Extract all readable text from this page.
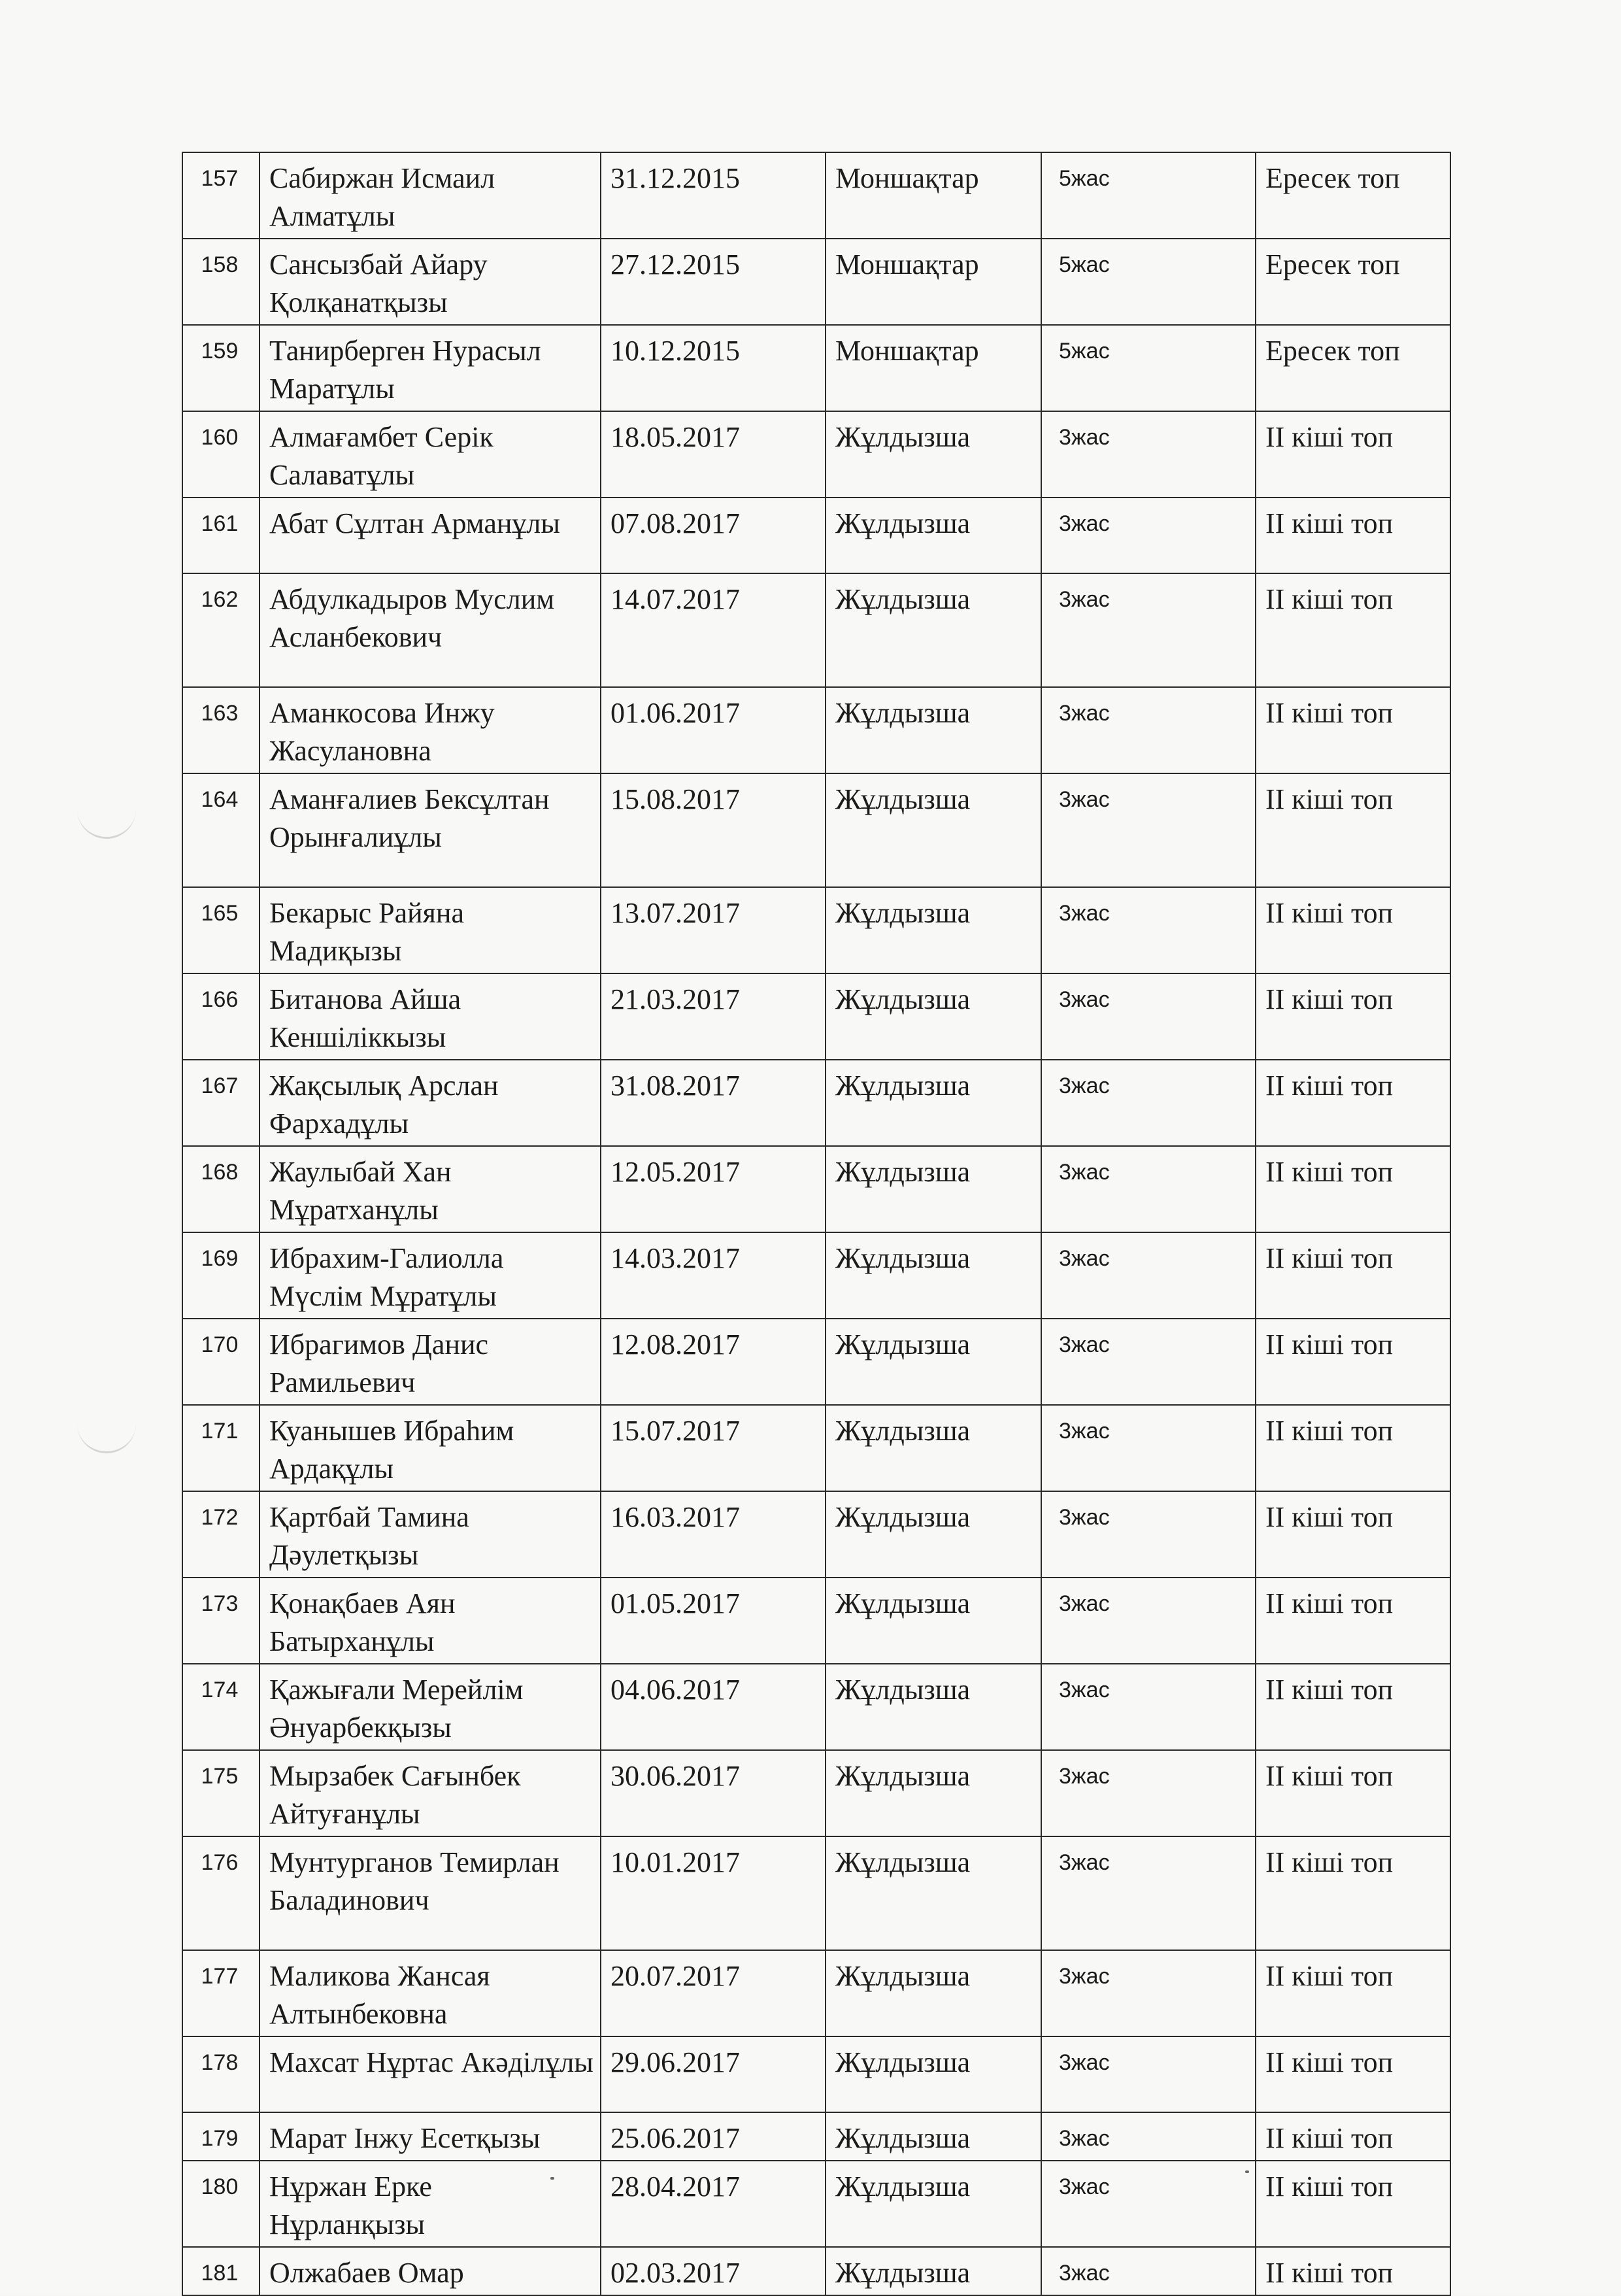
157	Сабиржан Исмаил Алматұлы	31.12.2015	Моншақтар	5жас	Ересек топ
158	Сансызбай Айару Қолқанатқызы	27.12.2015	Моншақтар	5жас	Ересек топ
159	Танирберген Нурасыл Маратұлы	10.12.2015	Моншақтар	5жас	Ересек топ
160	Алмағамбет Серік Салаватұлы	18.05.2017	Жұлдызша	3жас	ІІ кіші топ
161	Абат Сұлтан Арманұлы	07.08.2017	Жұлдызша	3жас	ІІ кіші топ
162	Абдулкадыров Муслим Асланбекович	14.07.2017	Жұлдызша	3жас	ІІ кіші топ
163	Аманкосова Инжу Жасулановна	01.06.2017	Жұлдызша	3жас	ІІ кіші топ
164	Аманғалиев Бексұлтан Орынғалиұлы	15.08.2017	Жұлдызша	3жас	ІІ кіші топ
165	Бекарыс Райяна Мадиқызы	13.07.2017	Жұлдызша	3жас	ІІ кіші топ
166	Битанова Айша Кеншіліккызы	21.03.2017	Жұлдызша	3жас	ІІ кіші топ
167	Жақсылық Арслан Фархадұлы	31.08.2017	Жұлдызша	3жас	ІІ кіші топ
168	Жаулыбай Хан Мұратханұлы	12.05.2017	Жұлдызша	3жас	ІІ кіші топ
169	Ибрахим-Галиолла Мүслім Мұратұлы	14.03.2017	Жұлдызша	3жас	ІІ кіші топ
170	Ибрагимов Данис Рамильевич	12.08.2017	Жұлдызша	3жас	ІІ кіші топ
171	Куанышев Ибраһим Ардақұлы	15.07.2017	Жұлдызша	3жас	ІІ кіші топ
172	Қартбай Тамина Дәулетқызы	16.03.2017	Жұлдызша	3жас	ІІ кіші топ
173	Қонақбаев Аян Батырханұлы	01.05.2017	Жұлдызша	3жас	ІІ кіші топ
174	Қажығали Мерейлім Әнуарбекқызы	04.06.2017	Жұлдызша	3жас	ІІ кіші топ
175	Мырзабек Сағынбек Айтуғанұлы	30.06.2017	Жұлдызша	3жас	ІІ кіші топ
176	Мунтурганов Темирлан Баладинович	10.01.2017	Жұлдызша	3жас	ІІ кіші топ
177	Маликова Жансая Алтынбековна	20.07.2017	Жұлдызша	3жас	ІІ кіші топ
178	Махсат Нұртас Акәділұлы	29.06.2017	Жұлдызша	3жас	ІІ кіші топ
179	Марат Інжу Есетқызы	25.06.2017	Жұлдызша	3жас	ІІ кіші топ
180	Нұржан Ерке Нұрланқызы	28.04.2017	Жұлдызша	3жас	ІІ кіші топ
181	Олжабаев Омар	02.03.2017	Жұлдызша	3жас	ІІ кіші топ
